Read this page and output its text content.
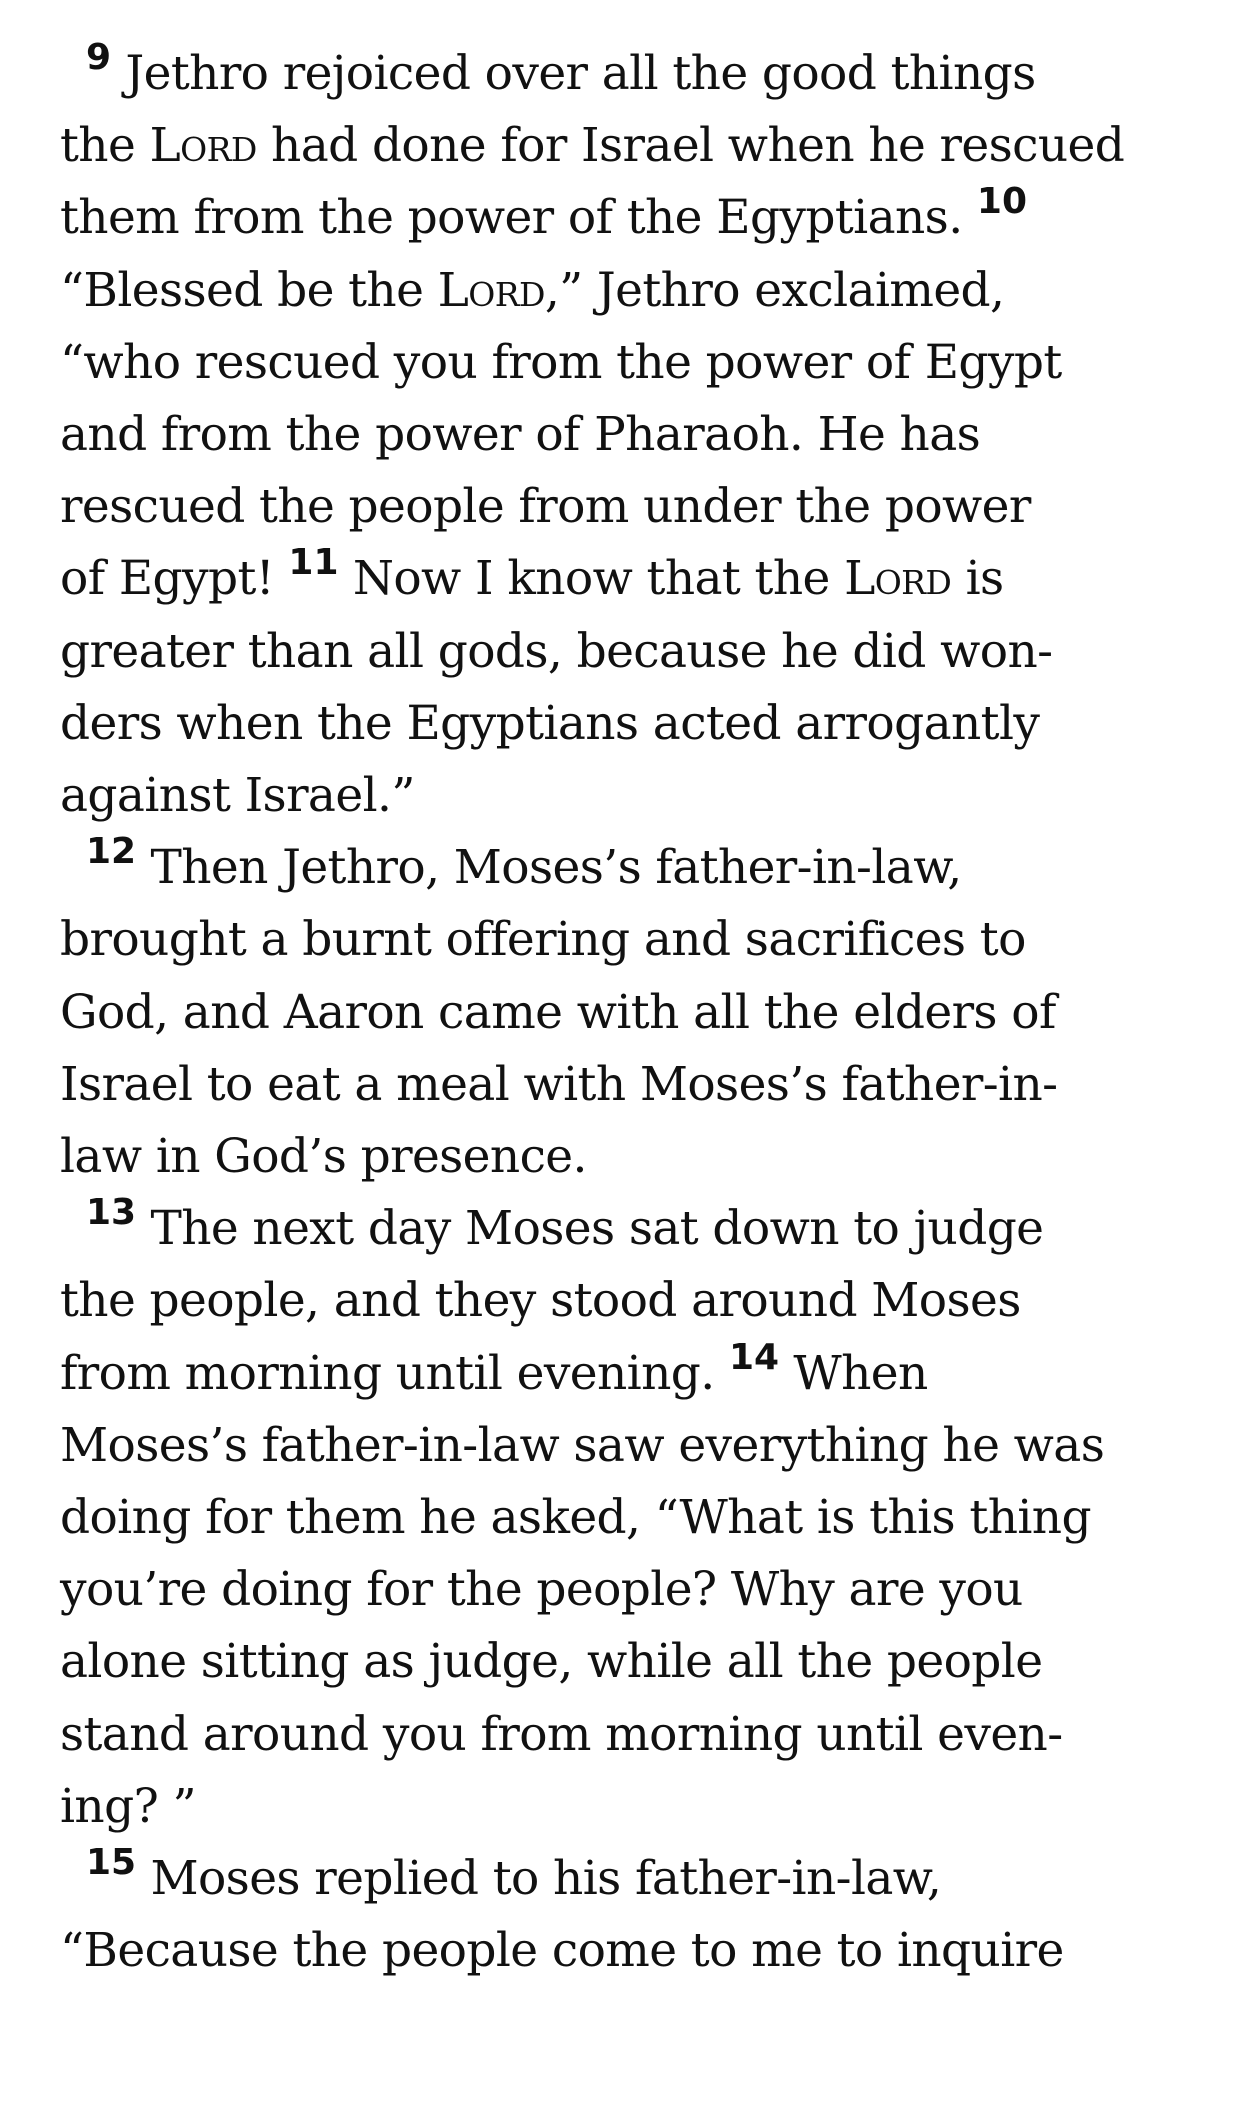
$^9$ Jethro rejoiced over all the good things
the Lord had done for Israel when he rescued
them from the power of the Egyptians. $^{10}$
“Blessed be the Lord,” Jethro exclaimed,
“who rescued you from the power of Egypt
and from the power of Pharaoh. He has
rescued the people from under the power
of Egypt! $^{11}$ Now I know that the Lord is
greater than all gods, because he did won-
ders when the Egyptians acted arrogantly
against Israel.”
$^{12}$ Then Jethro, Moses’s father-in-law,
brought a burnt offering and sacrifices to
God, and Aaron came with all the elders of
Israel to eat a meal with Moses’s father-in-
law in God’s presence.
$^{13}$ The next day Moses sat down to judge
the people, and they stood around Moses
from morning until evening. $^{14}$ When
Moses’s father-in-law saw everything he was
doing for them he asked, “What is this thing
you’re doing for the people? Why are you
alone sitting as judge, while all the people
stand around you from morning until even-
ing? ”
$^{15}$ Moses replied to his father-in-law,
“Because the people come to me to inquire
